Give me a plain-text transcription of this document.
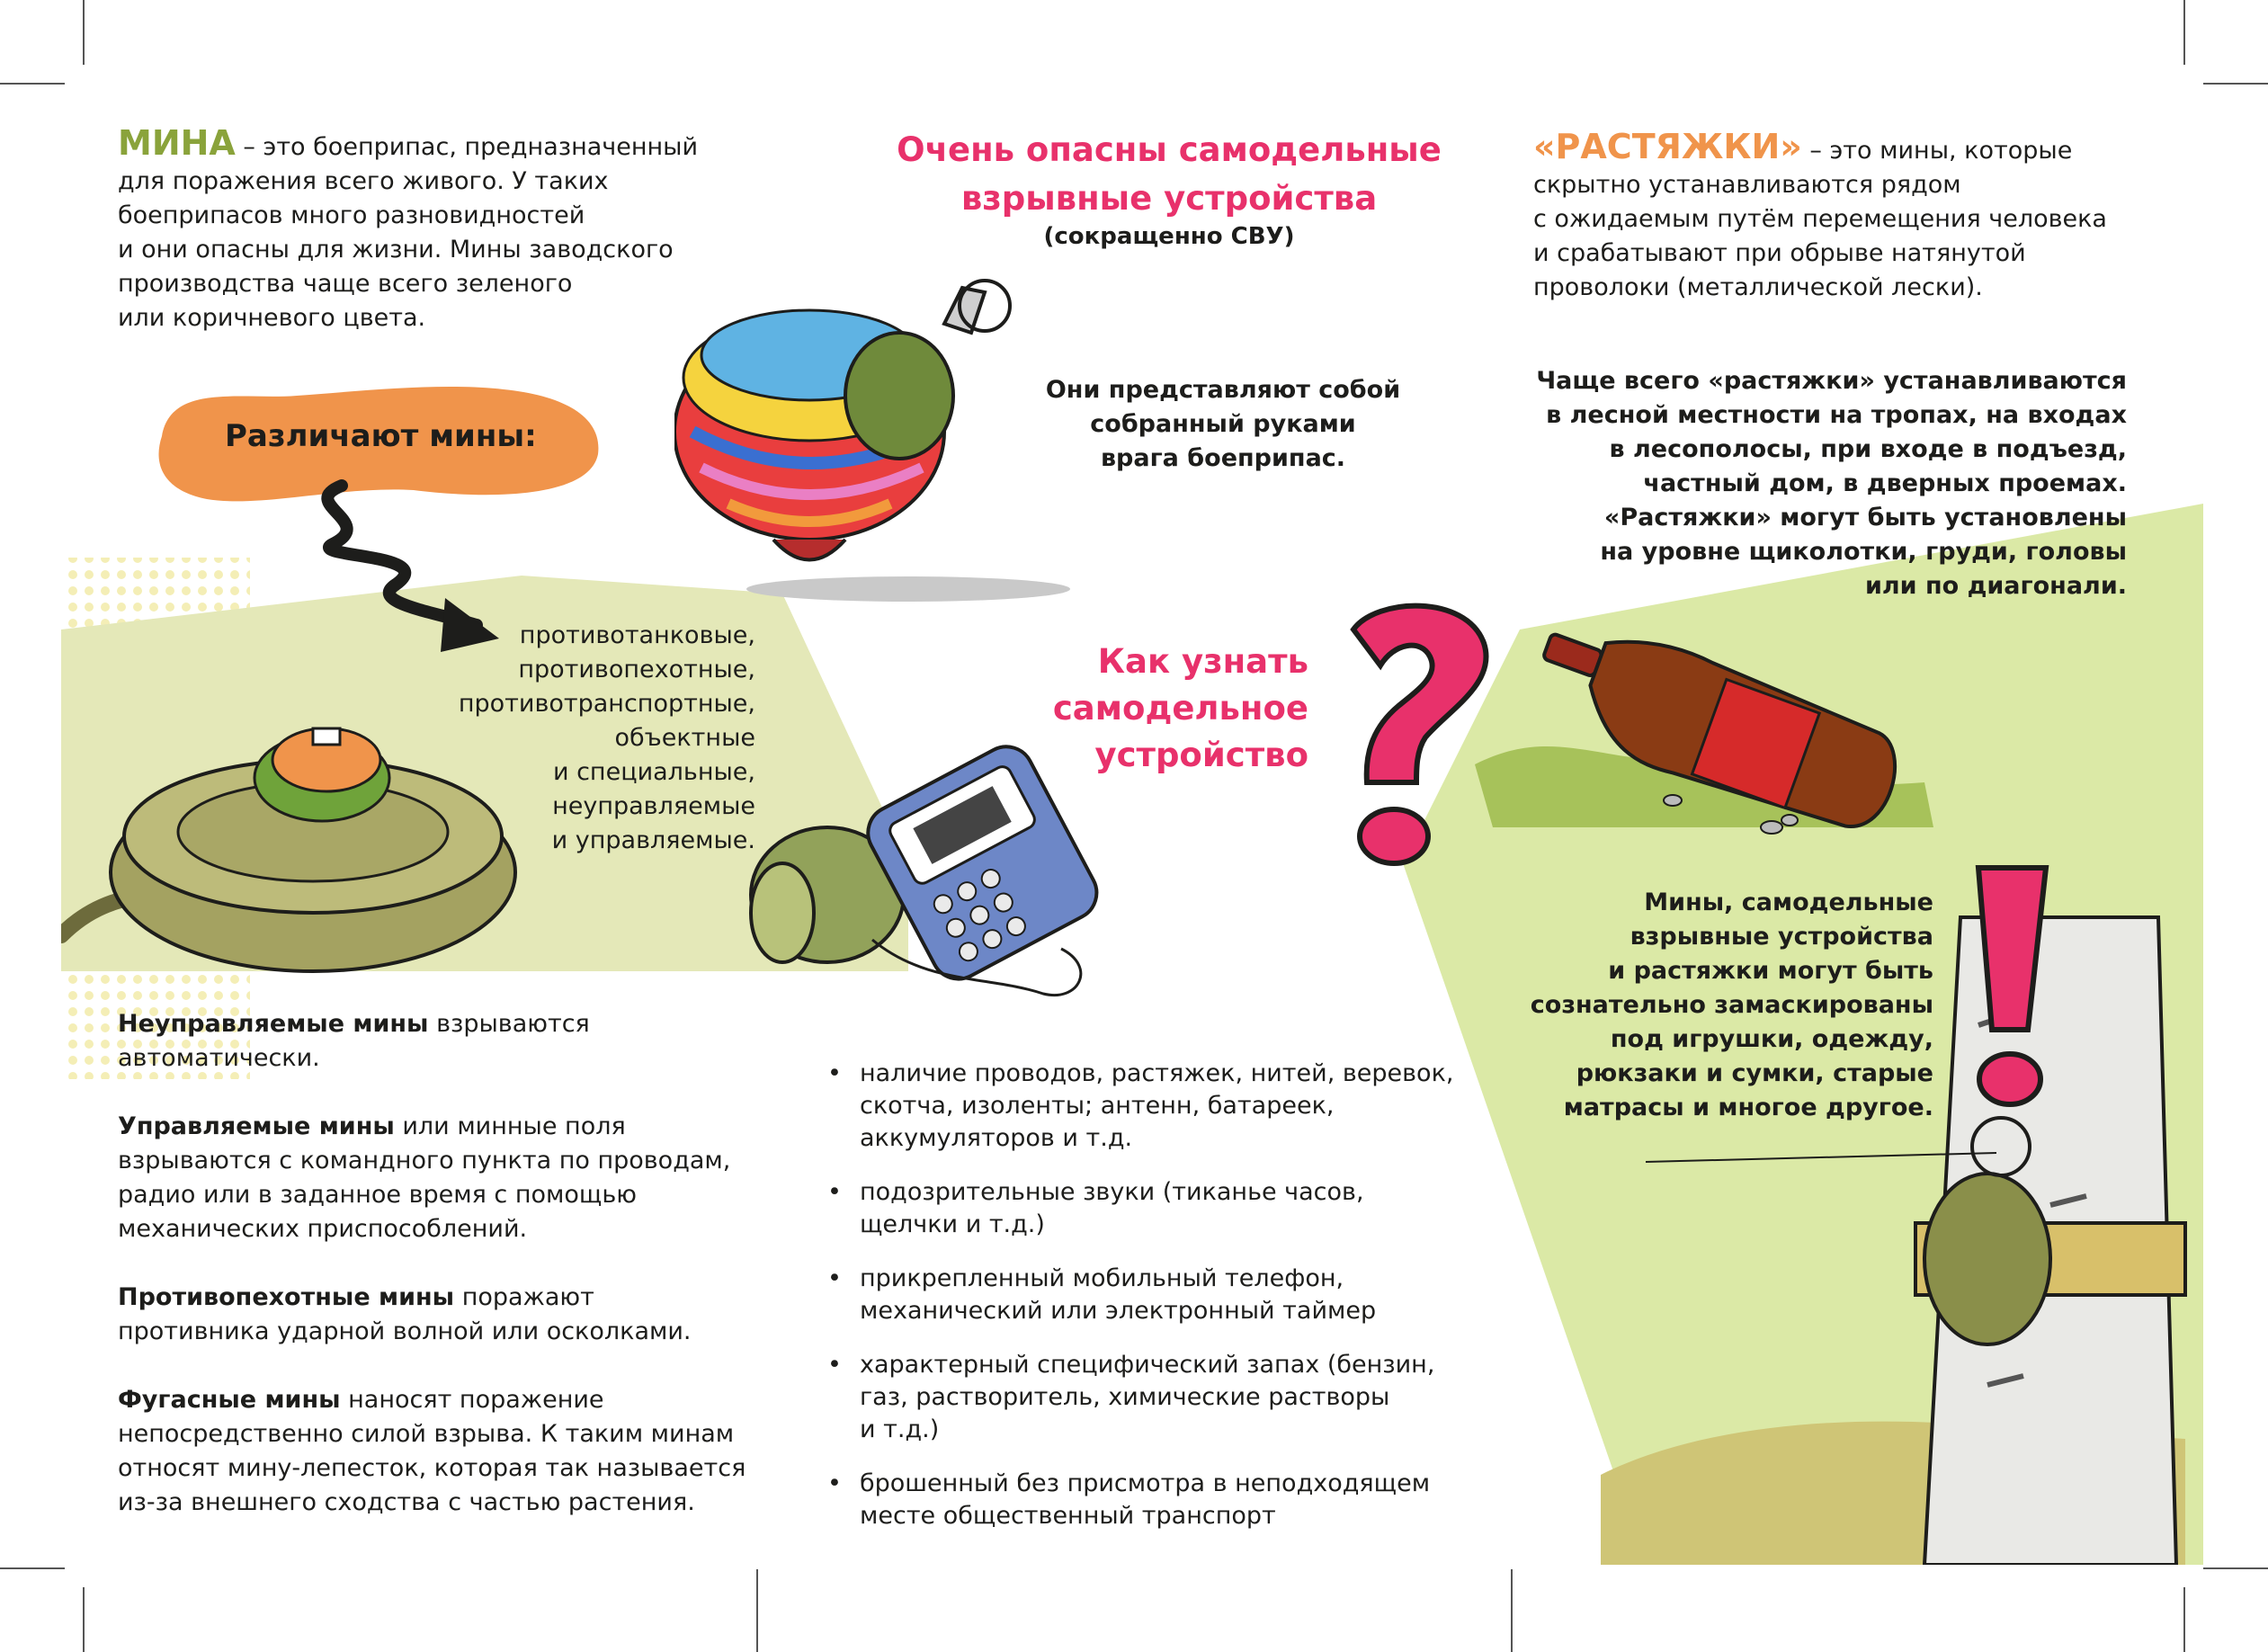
МИНА – это боеприпас, предназначенный
для поражения всего живого. У таких
боеприпасов много разновидностей
и они опасны для жизни. Мины заводского
производства чаще всего зеленого
или коричневого цвета.
Различают мины:
противотанковые,
противопехотные,
противотранспортные,
объектные
и специальные,
неуправляемые
и управляемые.
Неуправляемые мины взрываются
автоматически.
Управляемые мины или минные поля
взрываются с командного пункта по проводам,
радио или в заданное время с помощью
механических приспособлений.
Противопехотные мины поражают
противника ударной волной или осколками.
Фугасные мины наносят поражение
непосредственно силой взрыва. К таким минам
относят мину-лепесток, которая так называется
из-за внешнего сходства с частью растения.
Очень опасны самодельные
взрывные устройства
(сокращенно СВУ)
Они представляют собой
собранный руками
врага боеприпас.
Как узнать
самодельное
устройство
• наличие проводов, растяжек, нитей, веревок,
скотча, изоленты; антенн, батареек,
аккумуляторов и т.д.
• подозрительные звуки (тиканье часов,
щелчки и т.д.)
• прикрепленный мобильный телефон,
механический или электронный таймер
• характерный специфический запах (бензин,
газ, растворитель, химические растворы
и т.д.)
• брошенный без присмотра в неподходящем
месте общественный транспорт
«РАСТЯЖКИ» – это мины, которые
скрытно устанавливаются рядом
с ожидаемым путём перемещения человека
и срабатывают при обрыве натянутой
проволоки (металлической лески).
Чаще всего «растяжки» устанавливаются
в лесной местности на тропах, на входах
в лесополосы, при входе в подъезд,
частный дом, в дверных проемах.
«Растяжки» могут быть установлены
на уровне щиколотки, груди, головы
или по диагонали.
Мины, самодельные
взрывные устройства
и растяжки могут быть
сознательно замаскированы
под игрушки, одежду,
рюкзаки и сумки, старые
матрасы и многое другое.
